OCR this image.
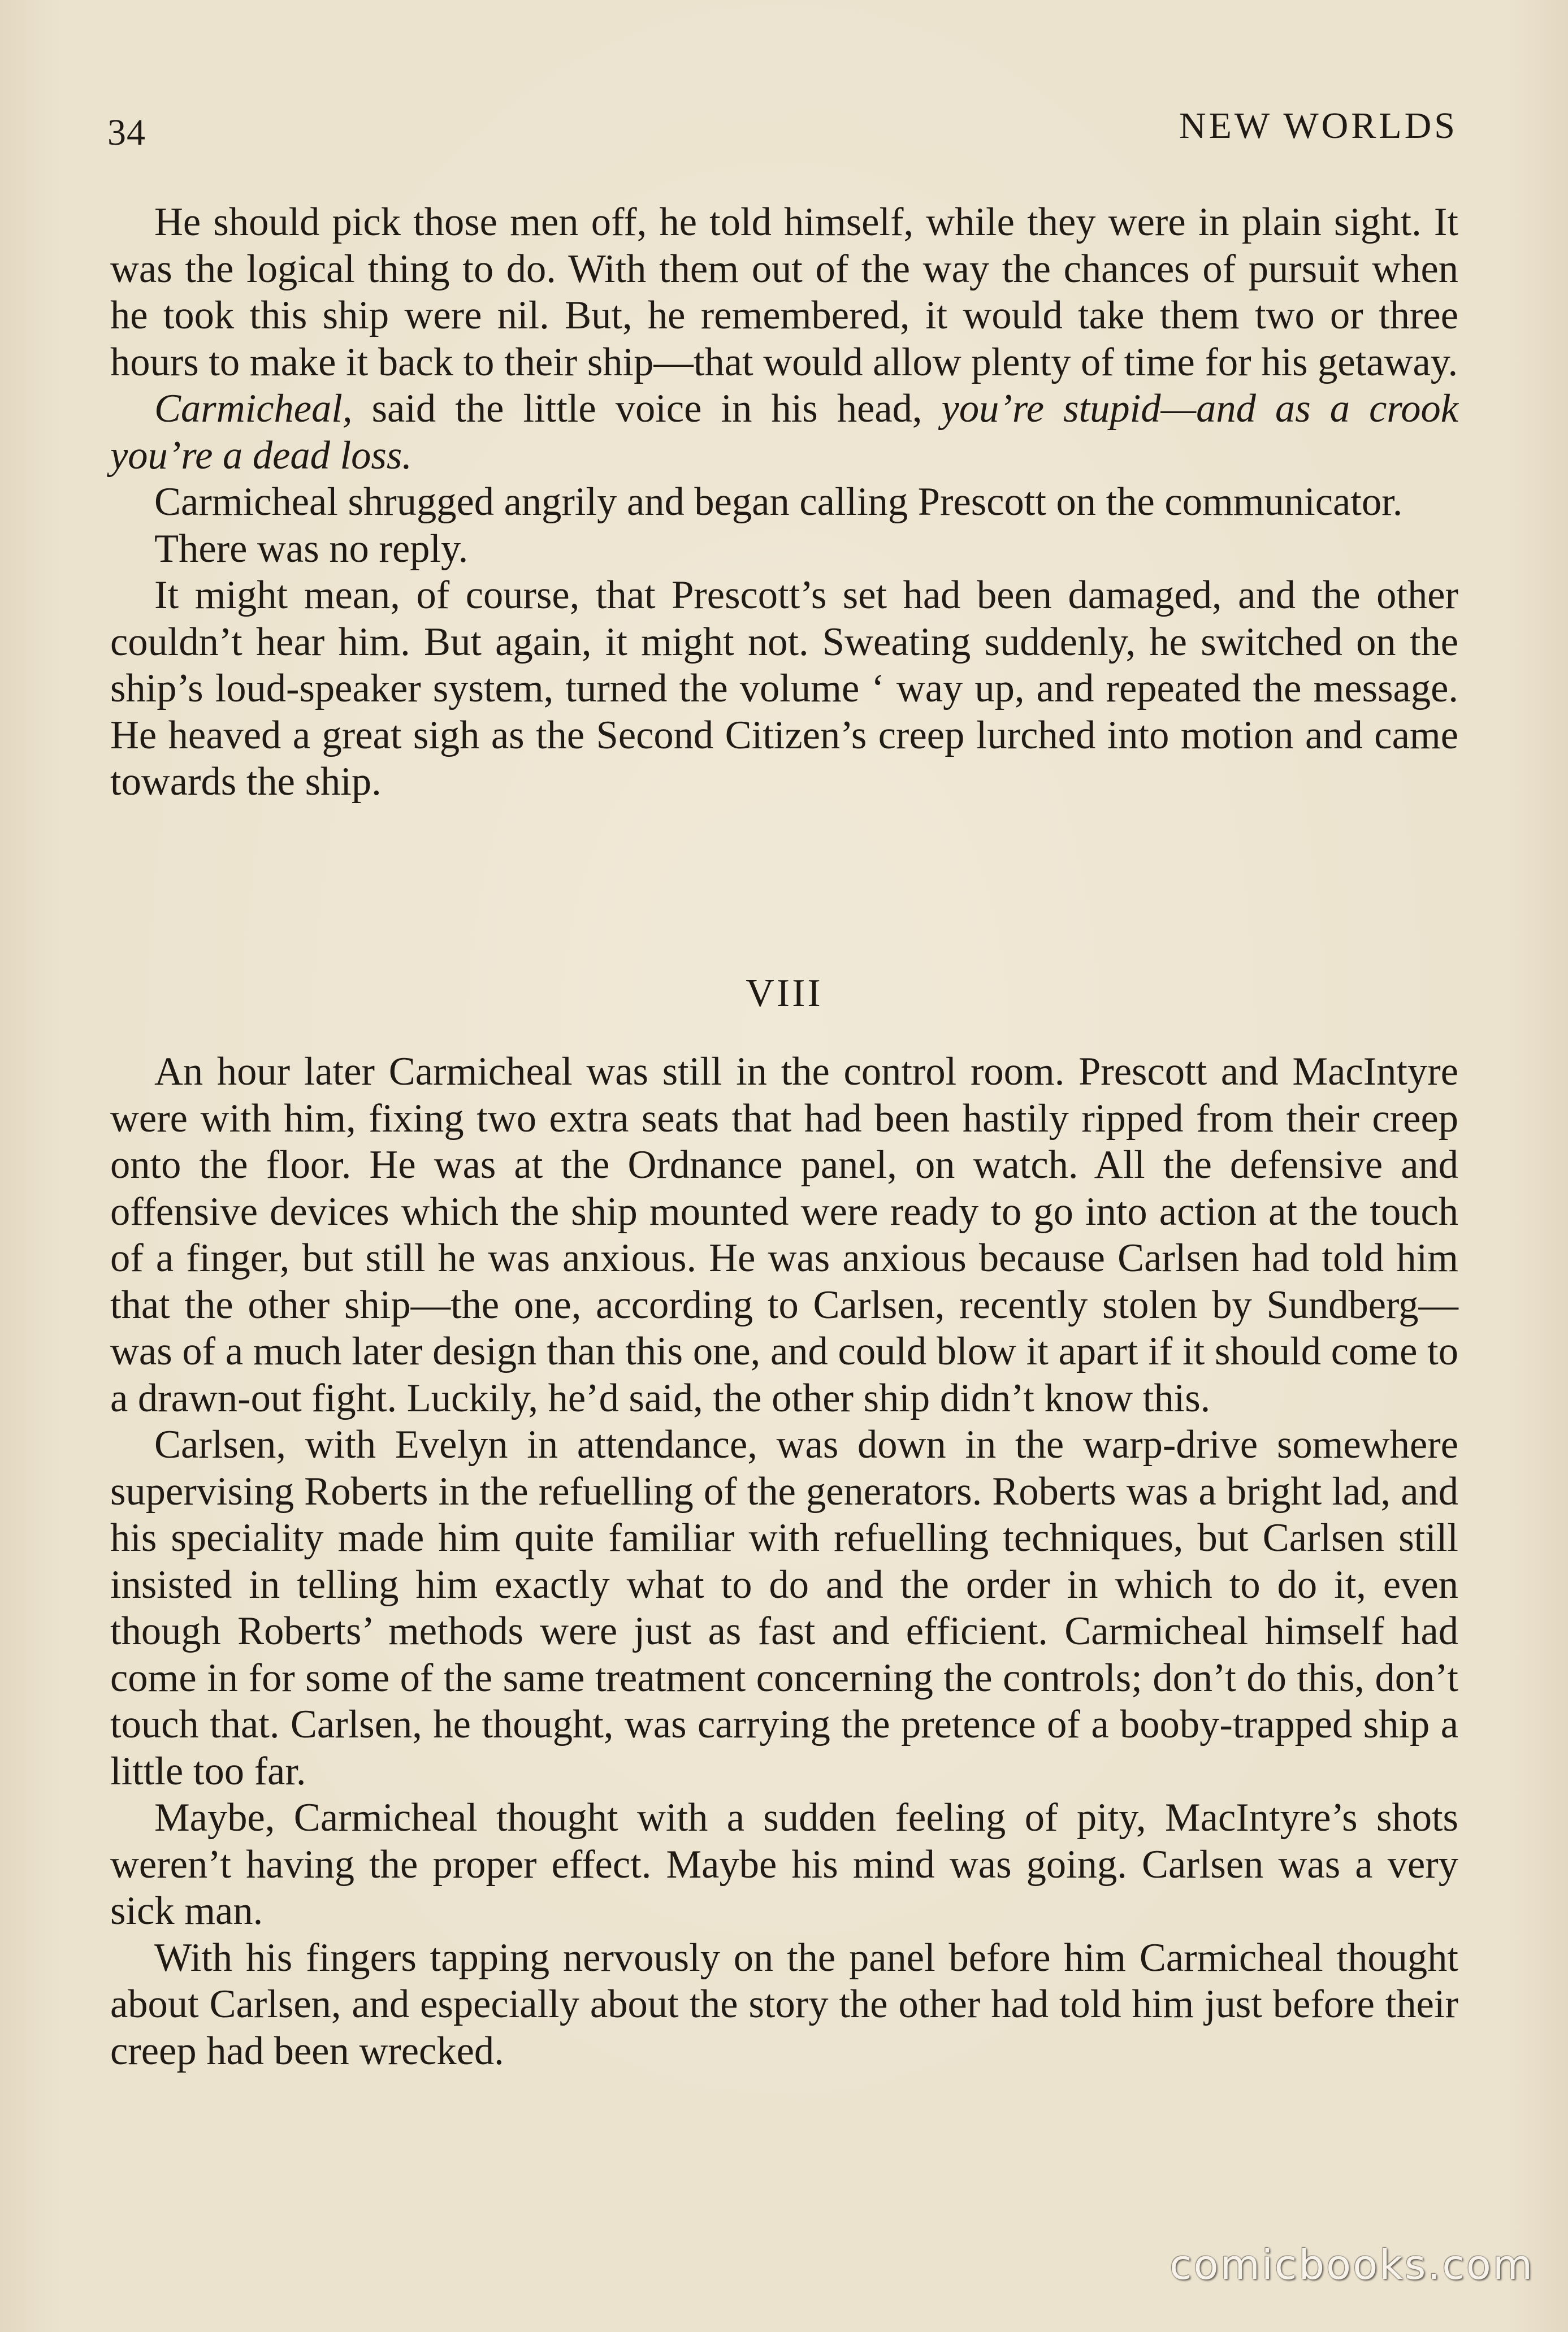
34	NEW WORLDS

He should pick those men off, he told himself, while they were in plain sight. It was the logical thing to do. With them out of the way the chances of pursuit when he took this ship were nil. But, he remembered, it would take them two or three hours to make it back to their ship—that would allow plenty of time for his getaway.

Carmicheal, said the little voice in his head, you’re stupid—and as a crook you’re a dead loss.

Carmicheal shrugged angrily and began calling Prescott on the communicator.

There was no reply.

It might mean, of course, that Prescott’s set had been damaged, and the other couldn’t hear him. But again, it might not. Sweating suddenly, he switched on the ship’s loud-speaker system, turned the volume ‘ way up, and repeated the message. He heaved a great sigh as the Second Citizen’s creep lurched into motion and came towards the ship.

VIII

An hour later Carmicheal was still in the control room. Prescott and MacIntyre were with him, fixing two extra seats that had been hastily ripped from their creep onto the floor. He was at the Ordnance panel, on watch. All the defensive and offensive devices which the ship mounted were ready to go into action at the touch of a finger, but still he was anxious. He was anxious because Carlsen had told him that the other ship—the one, according to Carlsen, recently stolen by Sundberg—was of a much later design than this one, and could blow it apart if it should come to a drawn-out fight. Luckily, he’d said, the other ship didn’t know this.

Carlsen, with Evelyn in attendance, was down in the warp-drive somewhere supervising Roberts in the refuelling of the generators. Roberts was a bright lad, and his speciality made him quite familiar with refuelling techniques, but Carlsen still insisted in telling him exactly what to do and the order in which to do it, even though Roberts’ methods were just as fast and efficient. Carmicheal himself had come in for some of the same treatment concerning the controls; don’t do this, don’t touch that. Carlsen, he thought, was carrying the pretence of a booby-trapped ship a little too far.

Maybe, Carmicheal thought with a sudden feeling of pity, MacIntyre’s shots weren’t having the proper effect. Maybe his mind was going. Carlsen was a very sick man.

With his fingers tapping nervously on the panel before him Carmicheal thought about Carlsen, and especially about the story the other had told him just before their creep had been wrecked.

comicbooks.com
